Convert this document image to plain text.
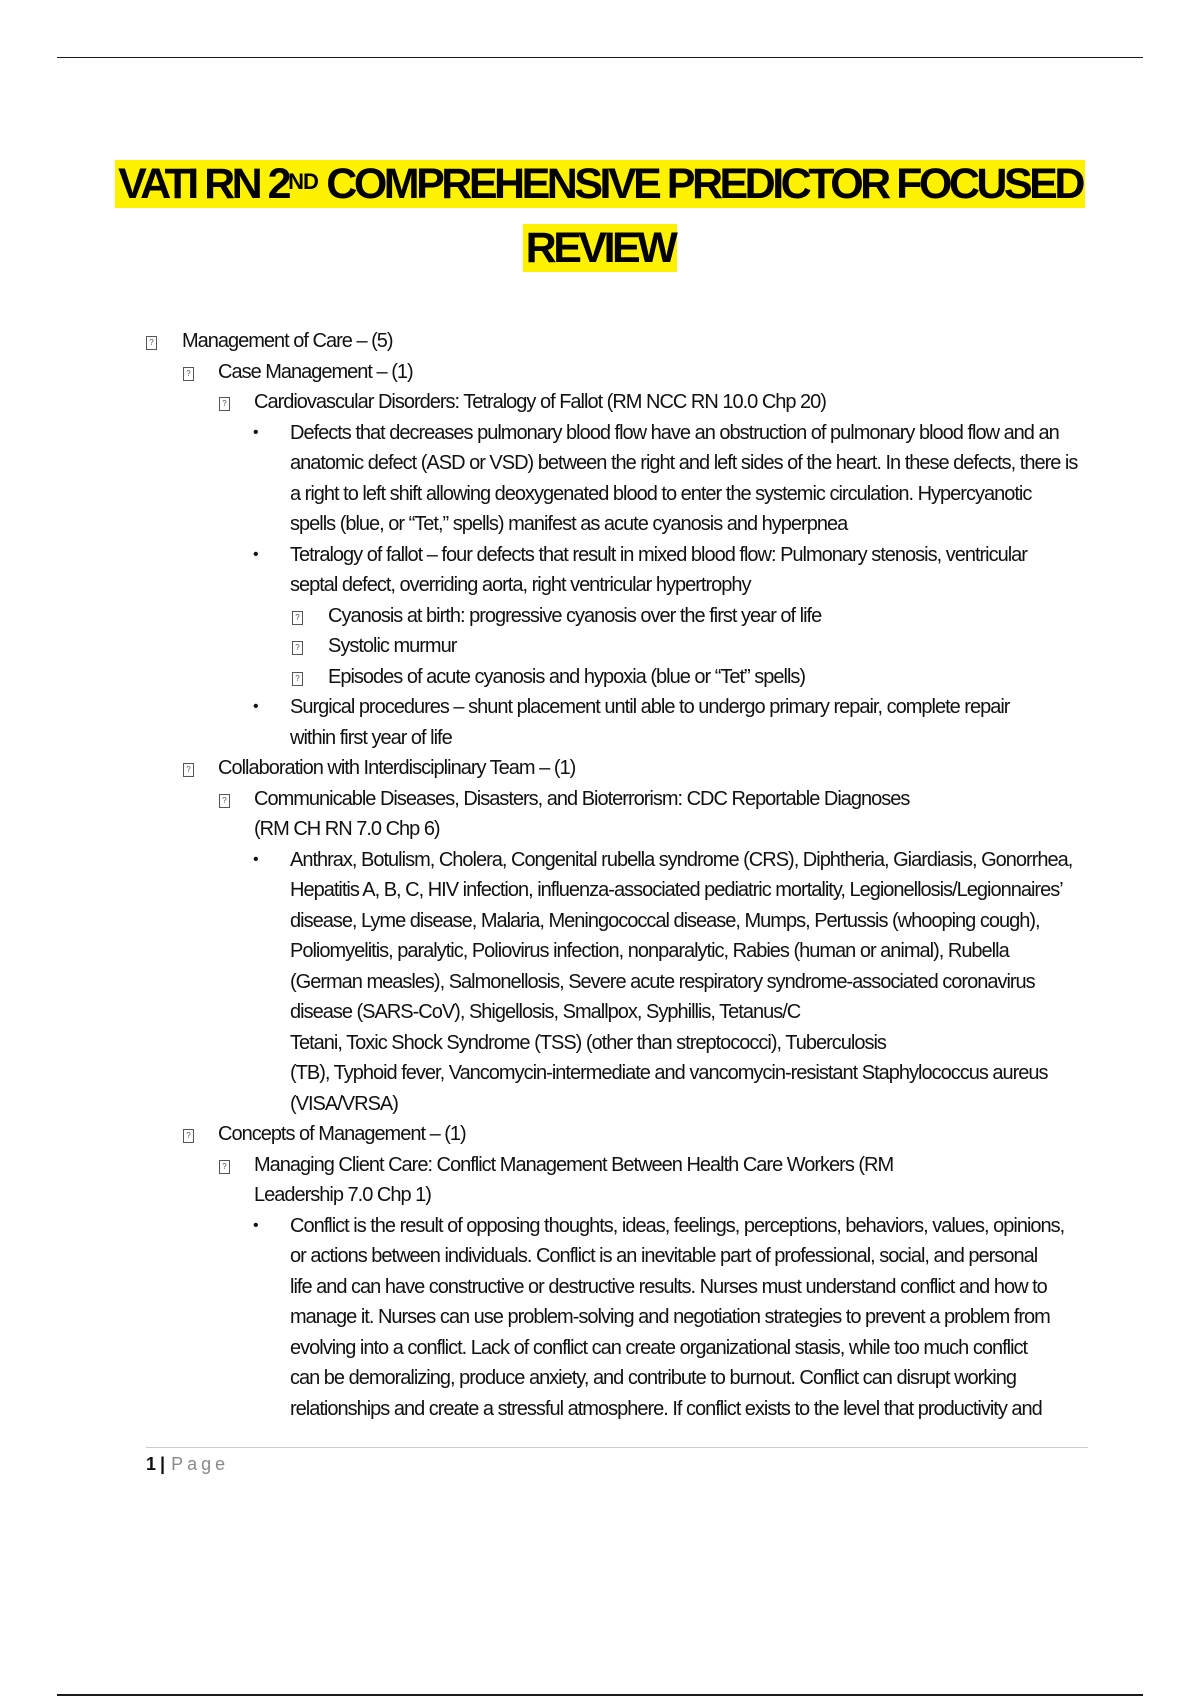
VATI RN 2ND COMPREHENSIVE PREDICTOR FOCUSED
REVIEW
? Management of Care – (5)
? Case Management – (1)
? Cardiovascular Disorders: Tetralogy of Fallot (RM NCC RN 10.0 Chp 20)
• Defects that decreases pulmonary blood flow have an obstruction of pulmonary blood flow and an
anatomic defect (ASD or VSD) between the right and left sides of the heart. In these defects, there is
a right to left shift allowing deoxygenated blood to enter the systemic circulation. Hypercyanotic
spells (blue, or “Tet,” spells) manifest as acute cyanosis and hyperpnea
• Tetralogy of fallot – four defects that result in mixed blood flow: Pulmonary stenosis, ventricular
septal defect, overriding aorta, right ventricular hypertrophy
? Cyanosis at birth: progressive cyanosis over the first year of life
? Systolic murmur
? Episodes of acute cyanosis and hypoxia (blue or “Tet” spells)
• Surgical procedures – shunt placement until able to undergo primary repair, complete repair
within first year of life
? Collaboration with Interdisciplinary Team – (1)
? Communicable Diseases, Disasters, and Bioterrorism: CDC Reportable Diagnoses
(RM CH RN 7.0 Chp 6)
• Anthrax, Botulism, Cholera, Congenital rubella syndrome (CRS), Diphtheria, Giardiasis, Gonorrhea,
Hepatitis A, B, C, HIV infection, influenza-associated pediatric mortality, Legionellosis/Legionnaires’
disease, Lyme disease, Malaria, Meningococcal disease, Mumps, Pertussis (whooping cough),
Poliomyelitis, paralytic, Poliovirus infection, nonparalytic, Rabies (human or animal), Rubella
(German measles), Salmonellosis, Severe acute respiratory syndrome-associated coronavirus
disease (SARS-CoV), Shigellosis, Smallpox, Syphillis, Tetanus/C
Tetani, Toxic Shock Syndrome (TSS) (other than streptococci), Tuberculosis
(TB), Typhoid fever, Vancomycin-intermediate and vancomycin-resistant Staphylococcus aureus
(VISA/VRSA)
? Concepts of Management – (1)
? Managing Client Care: Conflict Management Between Health Care Workers (RM
Leadership 7.0 Chp 1)
• Conflict is the result of opposing thoughts, ideas, feelings, perceptions, behaviors, values, opinions,
or actions between individuals. Conflict is an inevitable part of professional, social, and personal
life and can have constructive or destructive results. Nurses must understand conflict and how to
manage it. Nurses can use problem-solving and negotiation strategies to prevent a problem from
evolving into a conflict. Lack of conflict can create organizational stasis, while too much conflict
can be demoralizing, produce anxiety, and contribute to burnout. Conflict can disrupt working
relationships and create a stressful atmosphere. If conflict exists to the level that productivity and
1 | Page
